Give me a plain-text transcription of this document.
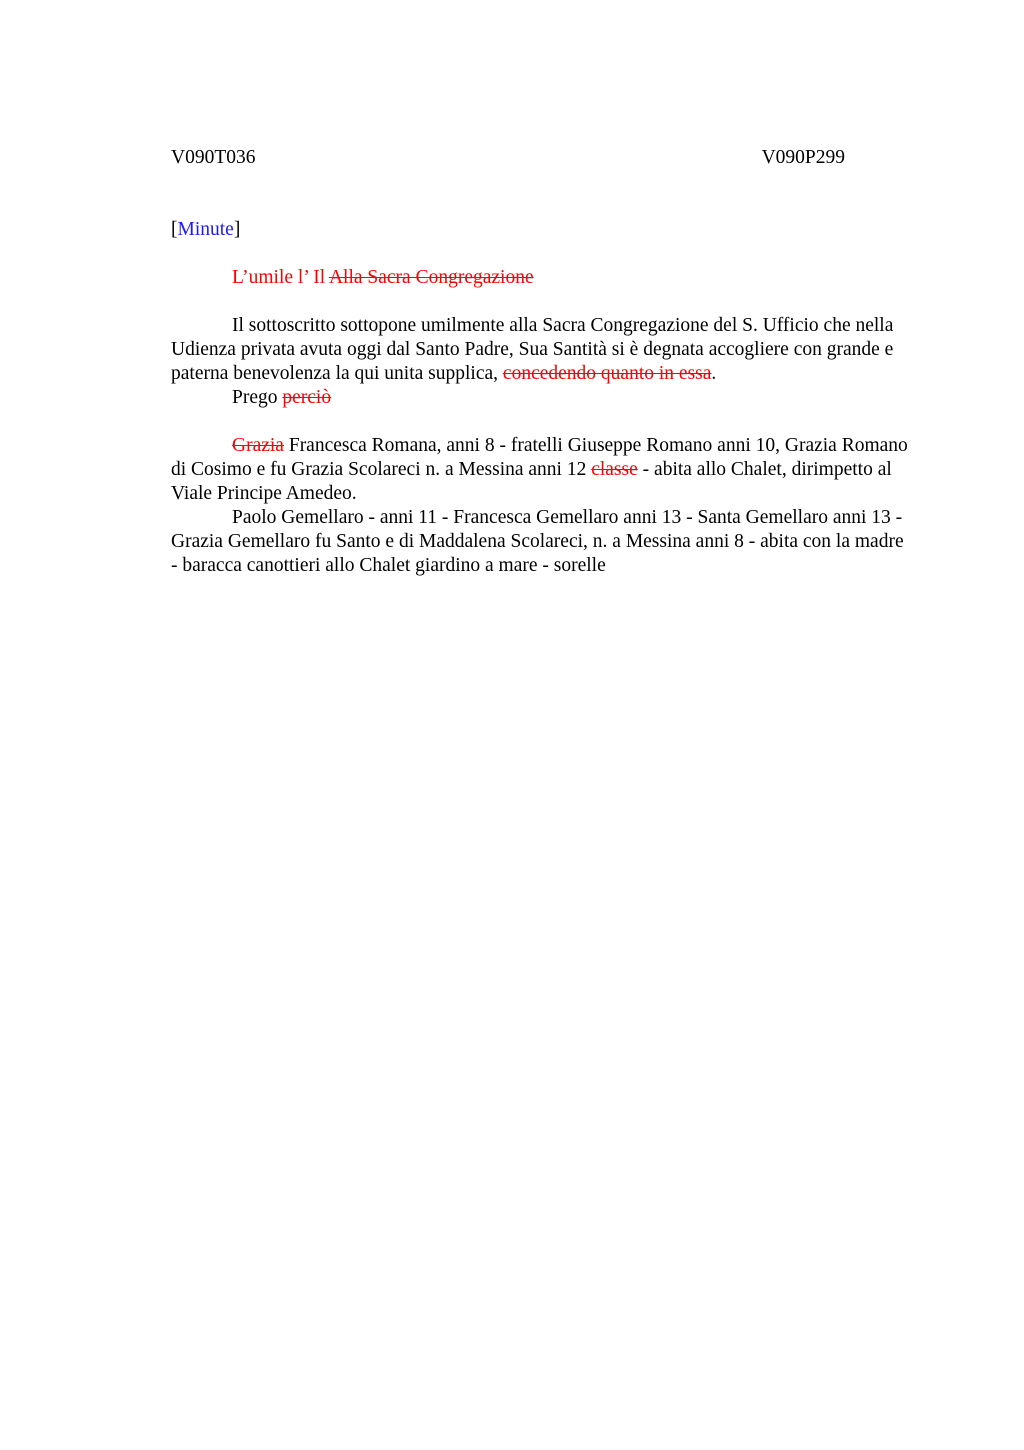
V090T036	V090P299
[Minute]
L’umile l’ Il Alla Sacra Congregazione

Il sottoscritto sottopone umilmente alla Sacra Congregazione del S. Ufficio che nella Udienza privata avuta oggi dal Santo Padre, Sua Santità si è degnata accogliere con grande e paterna benevolenza la qui unita supplica, concedendo quanto in essa.

Prego perciò

Grazia Francesca Romana, anni 8 - fratelli Giuseppe Romano anni 10, Grazia Romano di Cosimo e fu Grazia Scolareci n. a Messina anni 12 classe - abita allo Chalet, dirimpetto al Viale Principe Amedeo.

Paolo Gemellaro - anni 11 - Francesca Gemellaro anni 13 - Santa Gemellaro anni 13 - Grazia Gemellaro fu Santo e di Maddalena Scolareci, n. a Messina anni 8 - abita con la madre - baracca canottieri allo Chalet giardino a mare - sorelle
